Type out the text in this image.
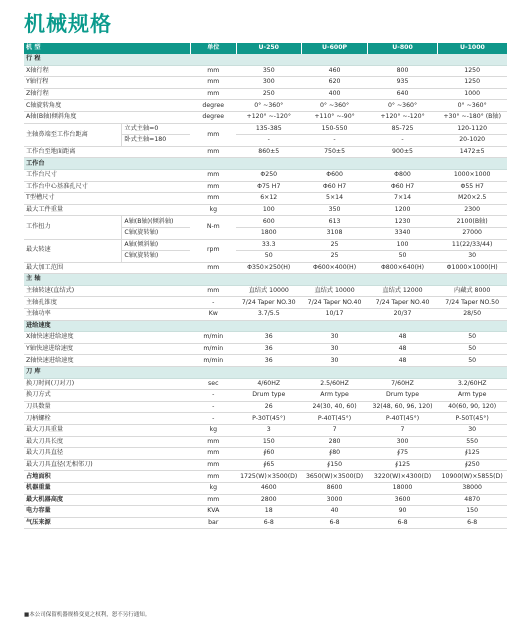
机械规格
机 型		单位	U-250	U-600P	U-800	U-1000
行 程						
X轴行程		mm	350	460	800	1250
Y轴行程		mm	300	620	935	1250
Z轴行程		mm	250	400	640	1000
C轴旋转角度		degree	0° ~360°	0° ~360°	0° ~360°	0° ~360°
A轴(B轴)倾斜角度		degree	+120° ~-120°	+110° ~-90°	+120° ~-120°	+30° ~-180° (B轴)
主轴鼻端至工作台距离	立式主轴=0	mm	135-385	150-550	85-725	120-1120
	卧式主轴=180		-	-	-	20-1020
工作台至地面距离		mm	860±5	750±5	900±5	1472±5
工作台						
工作台尺寸		mm	Φ250	Φ600	Φ800	1000×1000
工作台中心基准孔尺寸		mm	Φ75 H7	Φ60 H7	Φ60 H7	Φ55 H7
T型槽尺寸		mm	6×12	5×14	7×14	M20×2.5
最大工件重量		kg	100	350	1200	2300
工作扭力	A轴(B轴)(倾斜轴)	N-m	600	613	1230	2100(B轴)
	C轴(旋转轴)		1800	3108	3340	27000
最大转速	A轴(倾斜轴)	rpm	33.3	25	100	11(22/33/44)
	C轴(旋转轴)		50	25	50	30
最大加工范围		mm	Φ350×250(H)	Φ600×400(H)	Φ800×640(H)	Φ1000×1000(H)
主 轴						
主轴转速(直结式)		mm	直结式 10000	直结式 10000	直结式 12000	内藏式 8000
主轴孔锥度		-	7/24 Taper NO.30	7/24 Taper NO.40	7/24 Taper NO.40	7/24 Taper NO.50
主轴功率		Kw	3.7/5.5	10/17	20/37	28/50
进给速度						
X轴快速进给速度		m/min	36	30	48	50
Y轴快速进给速度		m/min	36	30	48	50
Z轴快速进给速度		m/min	36	30	48	50
刀 库						
换刀时间(刀对刀)		sec	4/60HZ	2.5/60HZ	7/60HZ	3.2/60HZ
换刀方式		-	Drum type	Arm type	Drum type	Arm type
刀具数量		-	26	24(30, 40, 60)	32(48, 60, 96, 120)	40(60, 90, 120)
刀柄螺栓		-	P-30T(45°)	P-40T(45°)	P-40T(45°)	P-50T(45°)
最大刀具重量		kg	3	7	7	30
最大刀具长度		mm	150	280	300	550
最大刀具直径		mm	∮60	∮80	∮75	∮125
最大刀具直径(无相邻刀)		mm	∮65	∮150	∮125	∮250
占地面积		mm	1725(W)×3500(D)	3650(W)×3500(D)	3220(W)×4300(D)	10900(W)×5855(D)
机器重量		kg	4600	8600	18000	38000
最大机器高度		mm	2800	3000	3600	4870
电力容量		KVA	18	40	90	150
气压来源		bar	6-8	6-8	6-8	6-8
■本公司保留机器规格变更之权利，恕不另行通知。
